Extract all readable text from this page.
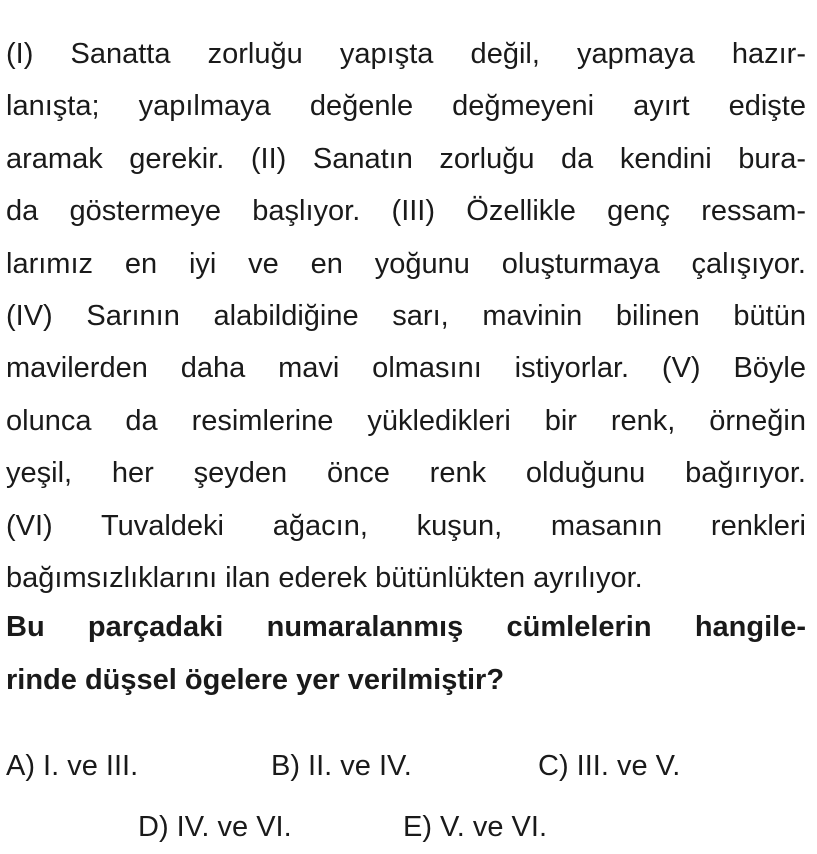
(I) Sanatta zorluğu yapışta değil, yapmaya hazır-
lanışta; yapılmaya değenle değmeyeni ayırt edişte
aramak gerekir. (II) Sanatın zorluğu da kendini bura-
da göstermeye başlıyor. (III) Özellikle genç ressam-
larımız en iyi ve en yoğunu oluşturmaya çalışıyor.
(IV) Sarının alabildiğine sarı, mavinin bilinen bütün
mavilerden daha mavi olmasını istiyorlar. (V) Böyle
olunca da resimlerine yükledikleri bir renk, örneğin
yeşil, her şeyden önce renk olduğunu bağırıyor.
(VI) Tuvaldeki ağacın, kuşun, masanın renkleri
bağımsızlıklarını ilan ederek bütünlükten ayrılıyor.
Bu parçadaki numaralanmış cümlelerin hangile-
rinde düşsel ögelere yer verilmiştir?
A) I. ve III.	B) II. ve IV.	C) III. ve V.
D) IV. ve VI.	E) V. ve VI.
